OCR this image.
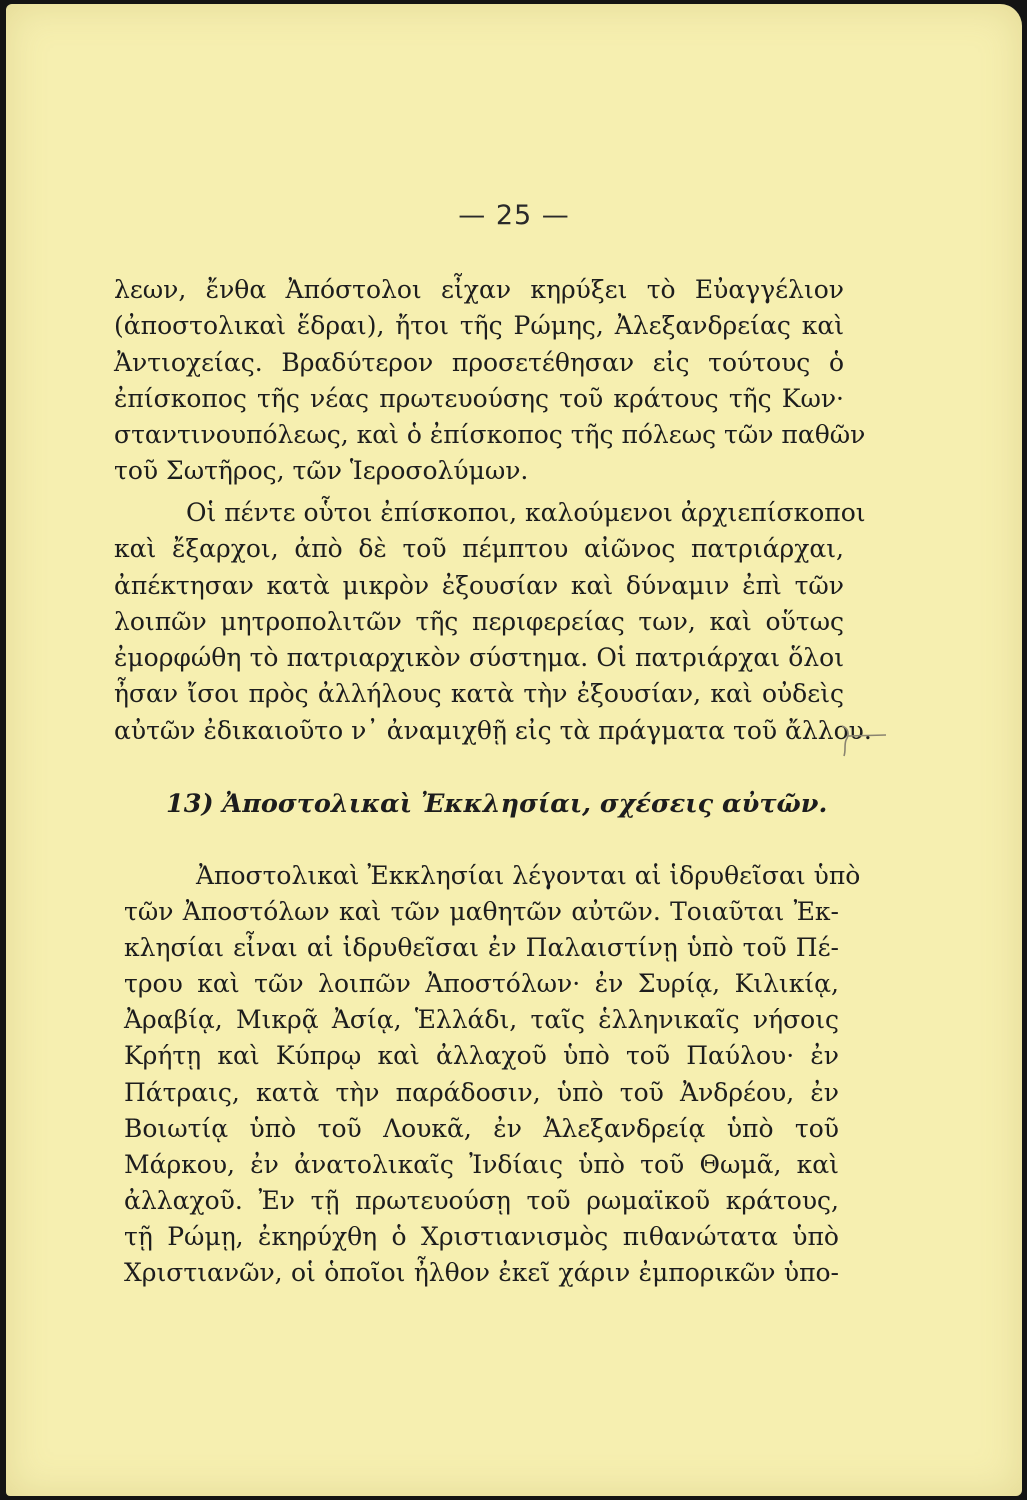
— 25 —
λεων, ἔνθα Ἀπόστολοι εἶχαν κηρύξει τὸ Εὐαγγέλιον
(ἀποστολικαὶ ἕδραι), ἤτοι τῆς Ρώμης, Ἀλεξανδρείας καὶ
Ἀντιοχείας. Βραδύτερον προσετέθησαν εἰς τούτους ὁ
ἐπίσκοπος τῆς νέας πρωτευούσης τοῦ κράτους τῆς Κων·
σταντινουπόλεως, καὶ ὁ ἐπίσκοπος τῆς πόλεως τῶν παθῶν
τοῦ Σωτῆρος, τῶν Ἱεροσολύμων.
Οἱ πέντε οὗτοι ἐπίσκοποι, καλούμενοι ἀρχιεπίσκοποι
καὶ ἔξαρχοι, ἀπὸ δὲ τοῦ πέμπτου αἰῶνος πατριάρχαι,
ἀπέκτησαν κατὰ μικρὸν ἐξουσίαν καὶ δύναμιν ἐπὶ τῶν
λοιπῶν μητροπολιτῶν τῆς περιφερείας των, καὶ οὕτως
ἐμορφώθη τὸ πατριαρχικὸν σύστημα. Οἱ πατριάρχαι ὅλοι
ἦσαν ἴσοι πρὸς ἀλλήλους κατὰ τὴν ἐξουσίαν, καὶ οὐδεὶς
αὐτῶν ἐδικαιοῦτο ν᾽ ἀναμιχθῇ εἰς τὰ πράγματα τοῦ ἄλλου.
13) Ἀποστολικαὶ Ἐκκλησίαι, σχέσεις αὐτῶν.
Ἀποστολικαὶ Ἐκκλησίαι λέγονται αἱ ἱδρυθεῖσαι ὑπὸ
τῶν Ἀποστόλων καὶ τῶν μαθητῶν αὐτῶν. Τοιαῦται Ἐκ-
κλησίαι εἶναι αἱ ἱδρυθεῖσαι ἐν Παλαιστίνῃ ὑπὸ τοῦ Πέ-
τρου καὶ τῶν λοιπῶν Ἀποστόλων· ἐν Συρίᾳ, Κιλικίᾳ,
Ἀραβίᾳ, Μικρᾷ Ἀσίᾳ, Ἑλλάδι, ταῖς ἑλληνικαῖς νήσοις
Κρήτῃ καὶ Κύπρῳ καὶ ἀλλαχοῦ ὑπὸ τοῦ Παύλου· ἐν
Πάτραις, κατὰ τὴν παράδοσιν, ὑπὸ τοῦ Ἀνδρέου, ἐν
Βοιωτίᾳ ὑπὸ τοῦ Λουκᾶ, ἐν Ἀλεξανδρείᾳ ὑπὸ τοῦ
Μάρκου, ἐν ἀνατολικαῖς Ἰνδίαις ὑπὸ τοῦ Θωμᾶ, καὶ
ἀλλαχοῦ. Ἐν τῇ πρωτευούσῃ τοῦ ρωμαϊκοῦ κράτους,
τῇ Ρώμῃ, ἐκηρύχθη ὁ Χριστιανισμὸς πιθανώτατα ὑπὸ
Χριστιανῶν, οἱ ὁποῖοι ἦλθον ἐκεῖ χάριν ἐμπορικῶν ὑπο-
